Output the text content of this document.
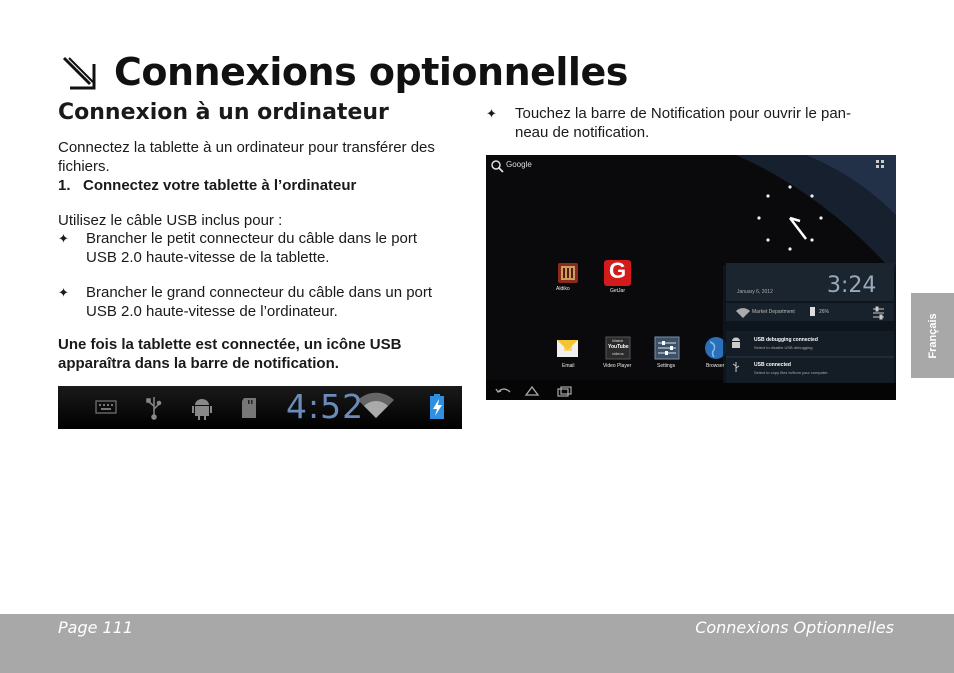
Connexions optionnelles
Connexion à un ordinateur

Connectez la tablette à un ordinateur pour transférer des fichiers.

1.   Connectez votre tablette à l’ordinateur

Utilisez le câble USB inclus pour :

✦ Brancher le petit connecteur du câble dans le port

USB 2.0 haute-vitesse de la tablette.

✦ Brancher le grand connecteur du câble dans un port

USB 2.0 haute-vitesse de l’ordinateur.

Une fois la tablette est connectée, un icône USB

apparaîtra dans la barre de notification.

4:52
✦ Touchez la barre de Notification pour ouvrir le pan-

neau de notification.

Google
Aldiko
G
GetJar
Watch
YouTube
videos
Email	Video Player	Settings	Browser
January 6, 2012 3:24
Market Department	26%
USB debugging connected
Select to disable USB debugging.
USB connected
Select to copy files to/from your computer.
Français
Page 111	Connexions Optionnelles
